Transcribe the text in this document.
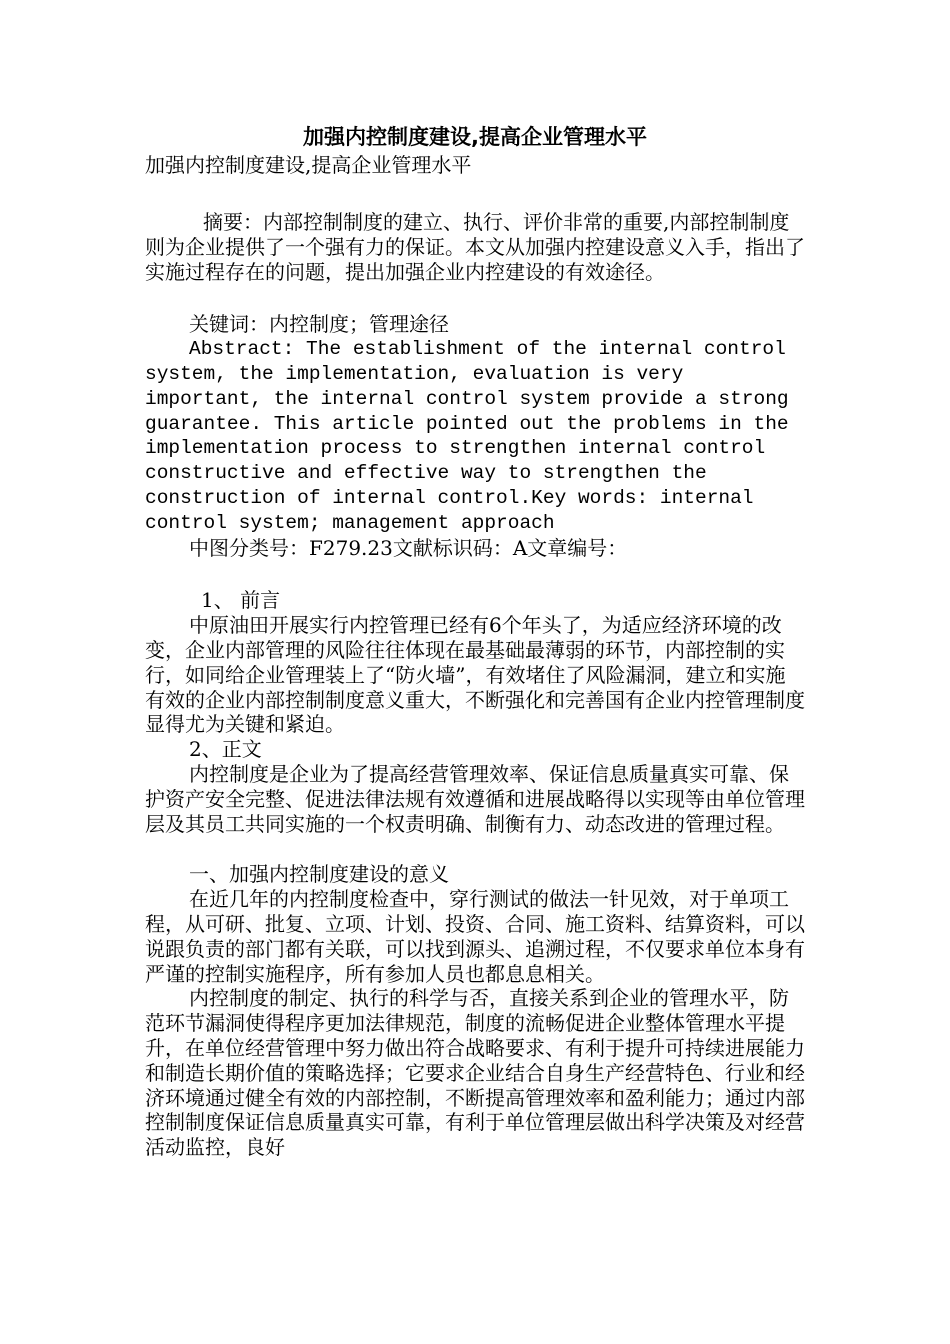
加强内控制度建设,提高企业管理水平

加强内控制度建设,提高企业管理水平

摘要：内部控制制度的建立、执行、评价非常的重要,内部控制制度则为企业提供了一个强有力的保证。本文从加强内控建设意义入手，指出了实施过程存在的问题，提出加强企业内控建设的有效途径。

关键词：内控制度；管理途径

Abstract: The establishment of the internal control system, the implementation, evaluation is very important, the internal control system provide a strong guarantee. This article pointed out the problems in the implementation process to strengthen internal control constructive and effective way to strengthen the construction of internal control.Key words: internal control system; management approach

中图分类号：F279.23文献标识码：A文章编号：

1、 前言

中原油田开展实行内控管理已经有6个年头了，为适应经济环境的改变，企业内部管理的风险往往体现在最基础最薄弱的环节，内部控制的实行，如同给企业管理装上了“防火墙”，有效堵住了风险漏洞，建立和实施有效的企业内部控制制度意义重大，不断强化和完善国有企业内控管理制度显得尤为关键和紧迫。

2、正文

内控制度是企业为了提高经营管理效率、保证信息质量真实可靠、保护资产安全完整、促进法律法规有效遵循和进展战略得以实现等由单位管理层及其员工共同实施的一个权责明确、制衡有力、动态改进的管理过程。

一、加强内控制度建设的意义

在近几年的内控制度检查中，穿行测试的做法一针见效，对于单项工程，从可研、批复、立项、计划、投资、合同、施工资料、结算资料，可以说跟负责的部门都有关联，可以找到源头、追溯过程，不仅要求单位本身有严谨的控制实施程序，所有参加人员也都息息相关。

内控制度的制定、执行的科学与否，直接关系到企业的管理水平，防范环节漏洞使得程序更加法律规范，制度的流畅促进企业整体管理水平提升，在单位经营管理中努力做出符合战略要求、有利于提升可持续进展能力和制造长期价值的策略选择；它要求企业结合自身生产经营特色、行业和经济环境通过健全有效的内部控制，不断提高管理效率和盈利能力；通过内部控制制度保证信息质量真实可靠，有利于单位管理层做出科学决策及对经营活动监控，良好
